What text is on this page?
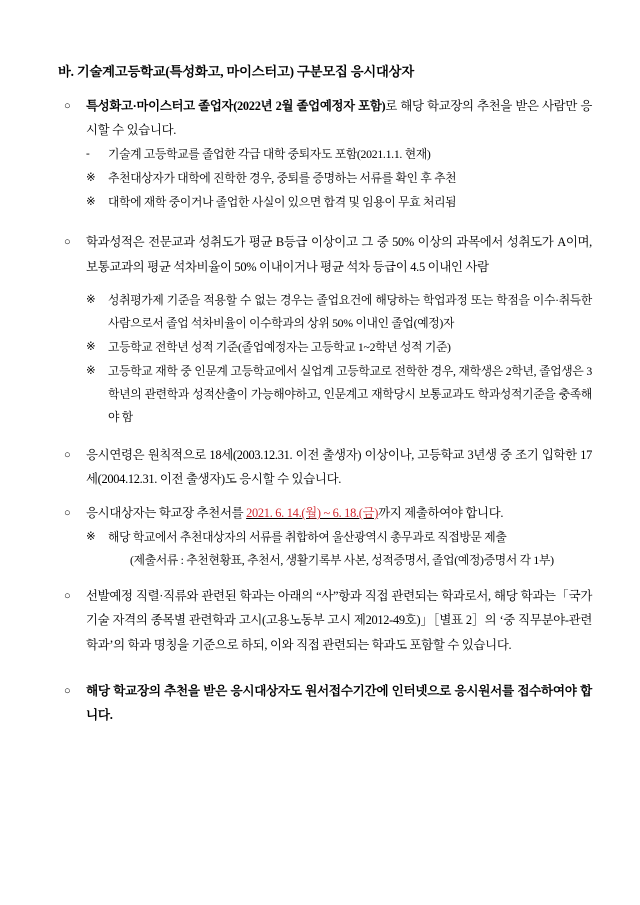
바. 기술계고등학교(특성화고, 마이스터고) 구분모집 응시대상자
○ 특성화고·마이스터고 졸업자(2022년 2월 졸업예정자 포함)로 해당 학교장의 추천을 받은 사람만 응시할 수 있습니다.
- 기술계 고등학교를 졸업한 각급 대학 중퇴자도 포함(2021.1.1. 현재)
※ 추천대상자가 대학에 진학한 경우, 중퇴를 증명하는 서류를 확인 후 추천
※ 대학에 재학 중이거나 졸업한 사실이 있으면 합격 및 임용이 무효 처리됨
○ 학과성적은 전문교과 성취도가 평균 B등급 이상이고 그 중 50% 이상의 과목에서 성취도가 A이며, 보통교과의 평균 석차비율이 50% 이내이거나 평균 석차 등급이 4.5 이내인 사람
※ 성취평가제 기준을 적용할 수 없는 경우는 졸업요건에 해당하는 학업과정 또는 학점을 이수·취득한 사람으로서 졸업 석차비율이 이수학과의 상위 50% 이내인 졸업(예정)자
※ 고등학교 전학년 성적 기준(졸업예정자는 고등학교 1~2학년 성적 기준)
※ 고등학교 재학 중 인문계 고등학교에서 실업계 고등학교로 전학한 경우, 재학생은 2학년, 졸업생은 3학년의 관련학과 성적산출이 가능해야하고, 인문계고 재학당시 보통교과도 학과성적기준을 충족해야 함
○ 응시연령은 원칙적으로 18세(2003.12.31. 이전 출생자) 이상이나, 고등학교 3년생 중 조기 입학한 17세(2004.12.31. 이전 출생자)도 응시할 수 있습니다.
○ 응시대상자는 학교장 추천서를 2021. 6. 14.(월) ~ 6. 18.(금)까지 제출하여야 합니다.
※ 해당 학교에서 추천대상자의 서류를 취합하여 울산광역시 총무과로 직접방문 제출
(제출서류 : 추천현황표, 추천서, 생활기록부 사본, 성적증명서, 졸업(예정)증명서 각 1부)
○ 선발예정 직렬·직류와 관련된 학과는 아래의 “사”항과 직접 관련되는 학과로서, 해당 학과는「국가기술 자격의 종목별 관련학과 고시(고용노동부 고시 제2012-49호)」［별표 2］의 ‘중 직무분야-관련학과’의 학과 명칭을 기준으로 하되, 이와 직접 관련되는 학과도 포함할 수 있습니다.
○ 해당 학교장의 추천을 받은 응시대상자도 원서접수기간에 인터넷으로 응시원서를 접수하여야 합니다.
